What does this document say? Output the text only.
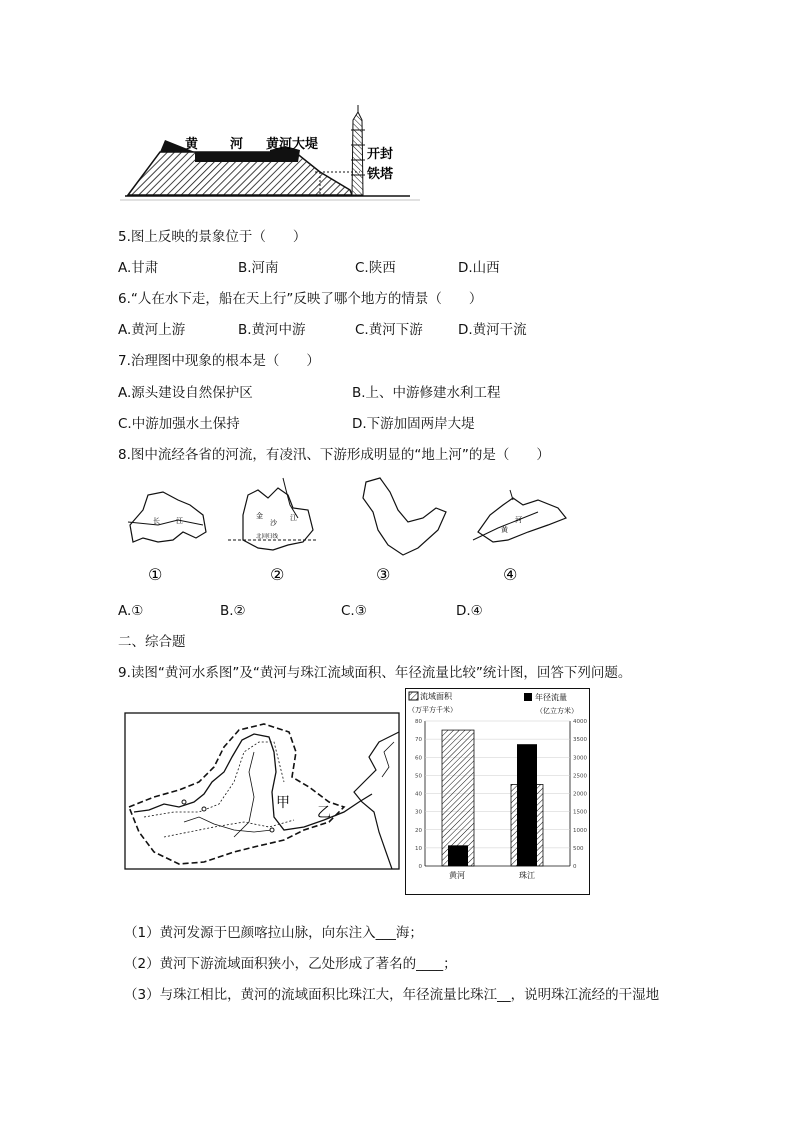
黄 河 黄河大堤
开封
铁塔
5.图上反映的景象位于（　　）
A.甘肃	B.河南	C.陕西	D.山西
6.“人在水下走，船在天上行”反映了哪个地方的情景（　　）
A.黄河上游	B.黄河中游	C.黄河下游	D.黄河干流
7.治理图中现象的根本是（　　）
A.源头建设自然保护区	B.上、中游修建水利工程
C.中游加强水土保持	D.下游加固两岸大堤
8.图中流经各省的河流，有凌汛、下游形成明显的“地上河”的是（　　）
长 江
①
金
沙
江
北回归线
②	③
河
黄
④
A.①	B.②	C.③	D.④
二、综合题
9.读图“黄河水系图”及“黄河与珠江流域面积、年径流量比较”统计图，回答下列问题。
甲
乙
流域面积
（万平方千米）
年径流量
（亿立方米）
0
10
20
30
40
50
60
70
80
0
500
1000
1500
2000
2500
3000
3500
4000
黄河	珠江
（1）黄河发源于巴颜喀拉山脉，向东注入___海；
（2）黄河下游流域面积狭小，乙处形成了著名的____；
（3）与珠江相比，黄河的流域面积比珠江大，年径流量比珠江__，说明珠江流经的干湿地
